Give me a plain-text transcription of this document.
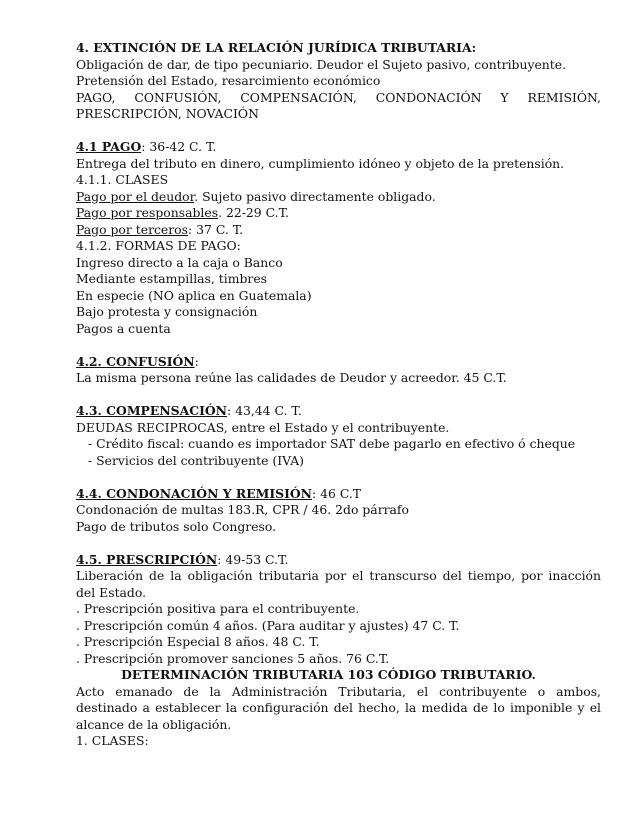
4. EXTINCIÓN DE LA RELACIÓN JURÍDICA TRIBUTARIA:
Obligación de dar, de tipo pecuniario. Deudor el Sujeto pasivo, contribuyente.
Pretensión del Estado, resarcimiento económico
PAGO, CONFUSIÓN, COMPENSACIÓN, CONDONACIÓN Y REMISIÓN,
PRESCRIPCIÓN, NOVACIÓN
4.1 PAGO: 36-42 C. T.
Entrega del tributo en dinero, cumplimiento idóneo y objeto de la pretensión.
4.1.1. CLASES
Pago por el deudor. Sujeto pasivo directamente obligado.
Pago por responsables. 22-29 C.T.
Pago por terceros: 37 C. T.
4.1.2. FORMAS DE PAGO:
Ingreso directo a la caja o Banco
Mediante estampillas, timbres
En especie (NO aplica en Guatemala)
Bajo protesta y consignación
Pagos a cuenta
4.2. CONFUSIÓN:
La misma persona reúne las calidades de Deudor y acreedor. 45 C.T.
4.3. COMPENSACIÓN: 43,44 C. T.
DEUDAS RECIPROCAS, entre el Estado y el contribuyente.
- Crédito fiscal: cuando es importador SAT debe pagarlo en efectivo ó cheque
- Servicios del contribuyente (IVA)
4.4. CONDONACIÓN Y REMISIÓN: 46 C.T
Condonación de multas 183.R, CPR / 46. 2do párrafo
Pago de tributos solo Congreso.
4.5. PRESCRIPCIÓN: 49-53 C.T.
Liberación de la obligación tributaria por el transcurso del tiempo, por inacción del Estado.
. Prescripción positiva para el contribuyente.
. Prescripción común 4 años. (Para auditar y ajustes) 47 C. T.
. Prescripción Especial 8 años. 48 C. T.
. Prescripción promover sanciones 5 años. 76 C.T.
DETERMINACIÓN TRIBUTARIA 103 CÓDIGO TRIBUTARIO.
Acto emanado de la Administración Tributaria, el contribuyente o ambos, destinado a establecer la configuración del hecho, la medida de lo imponible y el alcance de la obligación.
1. CLASES:
